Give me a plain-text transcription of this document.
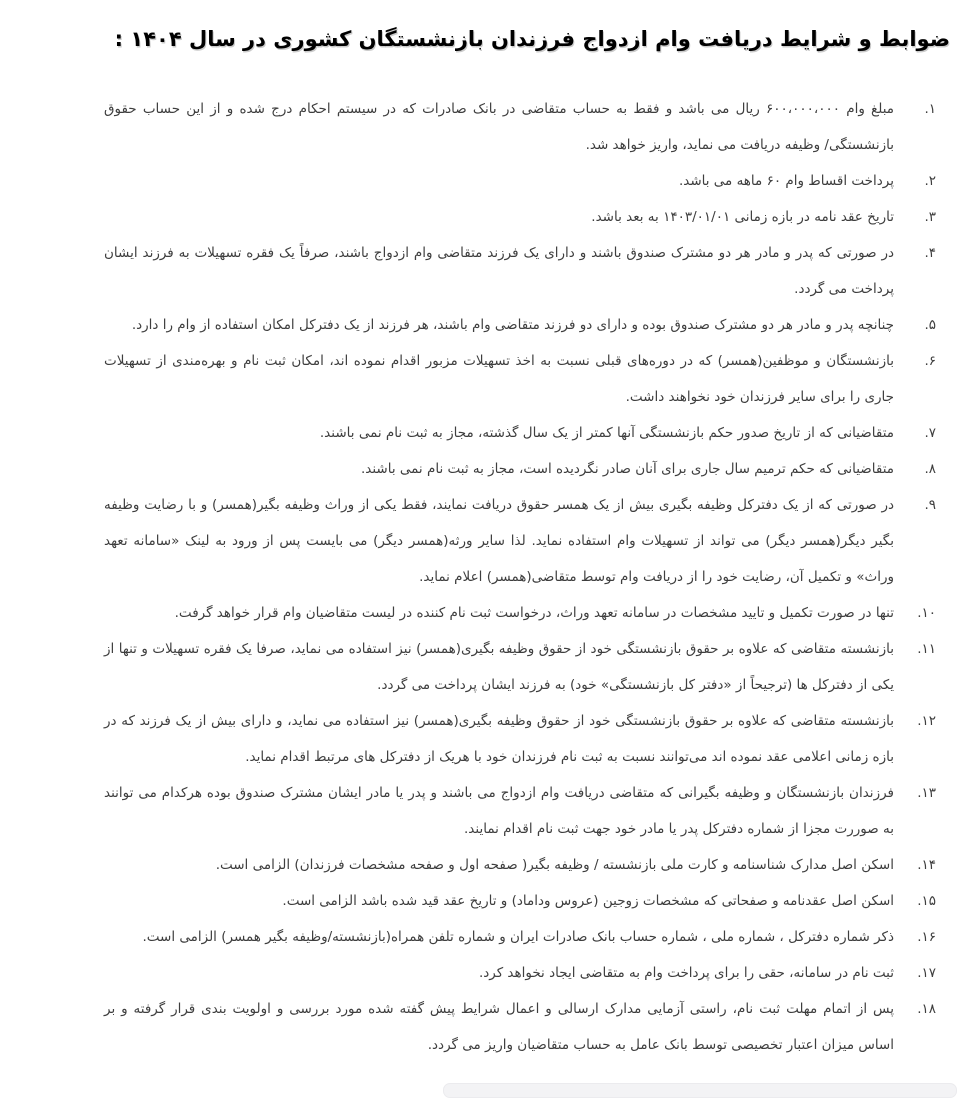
ضوابط و شرایط دریافت وام ازدواج فرزندان بازنشستگان کشوری در سال ۱۴۰۴ :
۱.
مبلغ وام ۶۰۰،۰۰۰،۰۰۰ ریال می باشد و فقط به حساب متقاضی در بانک صادرات که در سیستم احکام درج شده و از این حساب حقوق بازنشستگی/ وظیفه دریافت می نماید، واریز خواهد شد.
۲.
پرداخت اقساط وام ۶۰ ماهه می باشد.
۳.
تاریخ عقد نامه در بازه زمانی ۱۴۰۳/۰۱/۰۱ به بعد باشد.
۴.
در صورتی که پدر و مادر هر دو مشترک صندوق باشند و دارای یک فرزند متقاضی وام ازدواج باشند، صرفاً یک فقره تسهیلات به فرزند ایشان پرداخت می گردد.
۵.
چنانچه پدر و مادر هر دو مشترک صندوق بوده و دارای دو فرزند متقاضی وام باشند، هر فرزند از یک دفترکل امکان استفاده از وام را دارد.
۶.
بازنشستگان و موظفین(همسر) که در دوره‌های قبلی نسبت به اخذ تسهیلات مزبور اقدام نموده اند، امکان ثبت نام و بهره‌مندی از تسهیلات جاری را برای سایر فرزندان خود نخواهند داشت.
۷.
متقاضیانی که از تاریخ صدور حکم بازنشستگی آنها کمتر از یک سال گذشته، مجاز به ثبت نام نمی باشند.
۸.
متقاضیانی که حکم ترمیم سال جاری برای آنان صادر نگردیده است، مجاز به ثبت نام نمی باشند.
۹.
در صورتی که از یک دفترکل وظیفه بگیری بیش از یک همسر حقوق دریافت نمایند، فقط یکی از وراث وظیفه بگیر(همسر) و با رضایت وظیفه بگیر دیگر(همسر دیگر) می تواند از تسهیلات وام استفاده نماید. لذا سایر ورثه(همسر دیگر) می بایست پس از ورود به لینک «سامانه تعهد وراث» و تکمیل آن، رضایت خود را از دریافت وام توسط متقاضی(همسر) اعلام نماید.
۱۰.
تنها در صورت تکمیل و تایید مشخصات در سامانه تعهد وراث، درخواست ثبت نام کننده در لیست متقاضیان وام قرار خواهد گرفت.
۱۱.
بازنشسته متقاضی که علاوه بر حقوق بازنشستگی خود از حقوق وظیفه بگیری(همسر) نیز استفاده می نماید، صرفا یک فقره تسهیلات و تنها از یکی از دفترکل ها (ترجیحاً از «دفتر کل بازنشستگی» خود) به فرزند ایشان پرداخت می گردد.
۱۲.
بازنشسته متقاضی که علاوه بر حقوق بازنشستگی خود از حقوق وظیفه بگیری(همسر) نیز استفاده می نماید، و دارای بیش از یک فرزند که در بازه زمانی اعلامی عقد نموده اند می‌توانند نسبت به ثبت نام فرزندان خود با هریک از دفترکل های مرتبط اقدام نماید.
۱۳.
فرزندان بازنشستگان و وظیفه بگیرانی که متقاضی دریافت وام ازدواج می باشند و پدر یا مادر ایشان مشترک صندوق بوده هرکدام می توانند به صوررت مجزا از شماره دفترکل پدر یا مادر خود جهت ثبت نام اقدام نمایند.
۱۴.
اسکن اصل مدارک شناسنامه و کارت ملی بازنشسته / وظیفه بگیر( صفحه اول و صفحه مشخصات فرزندان) الزامی است.
۱۵.
اسکن اصل عقدنامه و صفحاتی که مشخصات زوجین (عروس وداماد) و تاریخ عقد قید شده باشد الزامی است.
۱۶.
ذکر شماره دفترکل ، شماره ملی ، شماره حساب بانک صادرات ایران و شماره تلفن همراه(بازنشسته/وظیفه بگیر همسر) الزامی است.
۱۷.
ثبت نام در سامانه، حقی را برای پرداخت وام به متقاضی ایجاد نخواهد کرد.
۱۸.
پس از اتمام مهلت ثبت نام، راستی آزمایی مدارک ارسالی و اعمال شرایط پیش گفته شده مورد بررسی و اولویت بندی قرار گرفته و بر اساس میزان اعتبار تخصیصی توسط بانک عامل به حساب متقاضیان واریز می گردد.
